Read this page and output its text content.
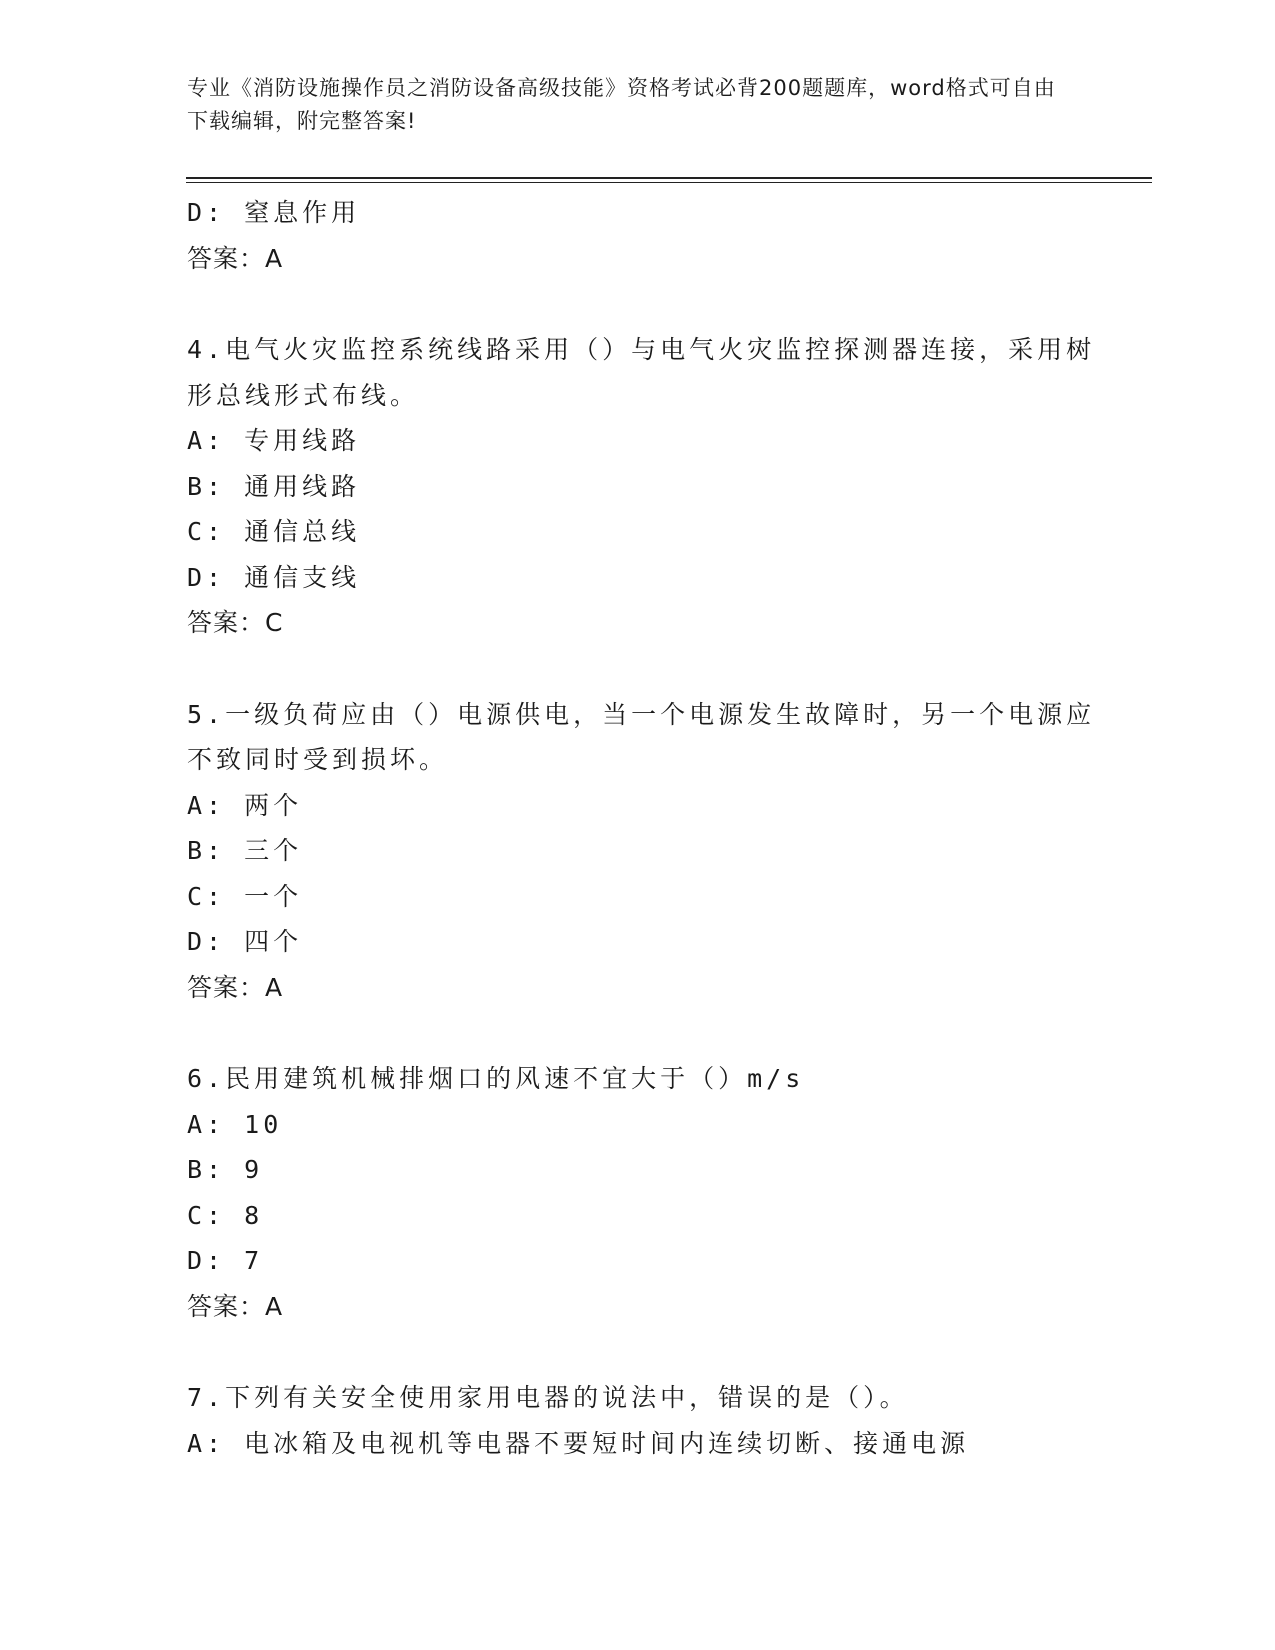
专业《消防设施操作员之消防设备高级技能》资格考试必背200题题库，word格式可自由下载编辑，附完整答案!
D: 窒息作用
答案：A
4.电气火灾监控系统线路采用（）与电气火灾监控探测器连接，采用树形总线形式布线。
A: 专用线路
B: 通用线路
C: 通信总线
D: 通信支线
答案：C
5.一级负荷应由（）电源供电，当一个电源发生故障时，另一个电源应不致同时受到损坏。
A: 两个
B: 三个
C: 一个
D: 四个
答案：A
6.民用建筑机械排烟口的风速不宜大于（）m/s
A: 10
B: 9
C: 8
D: 7
答案：A
7.下列有关安全使用家用电器的说法中，错误的是（）。
A: 电冰箱及电视机等电器不要短时间内连续切断、接通电源
